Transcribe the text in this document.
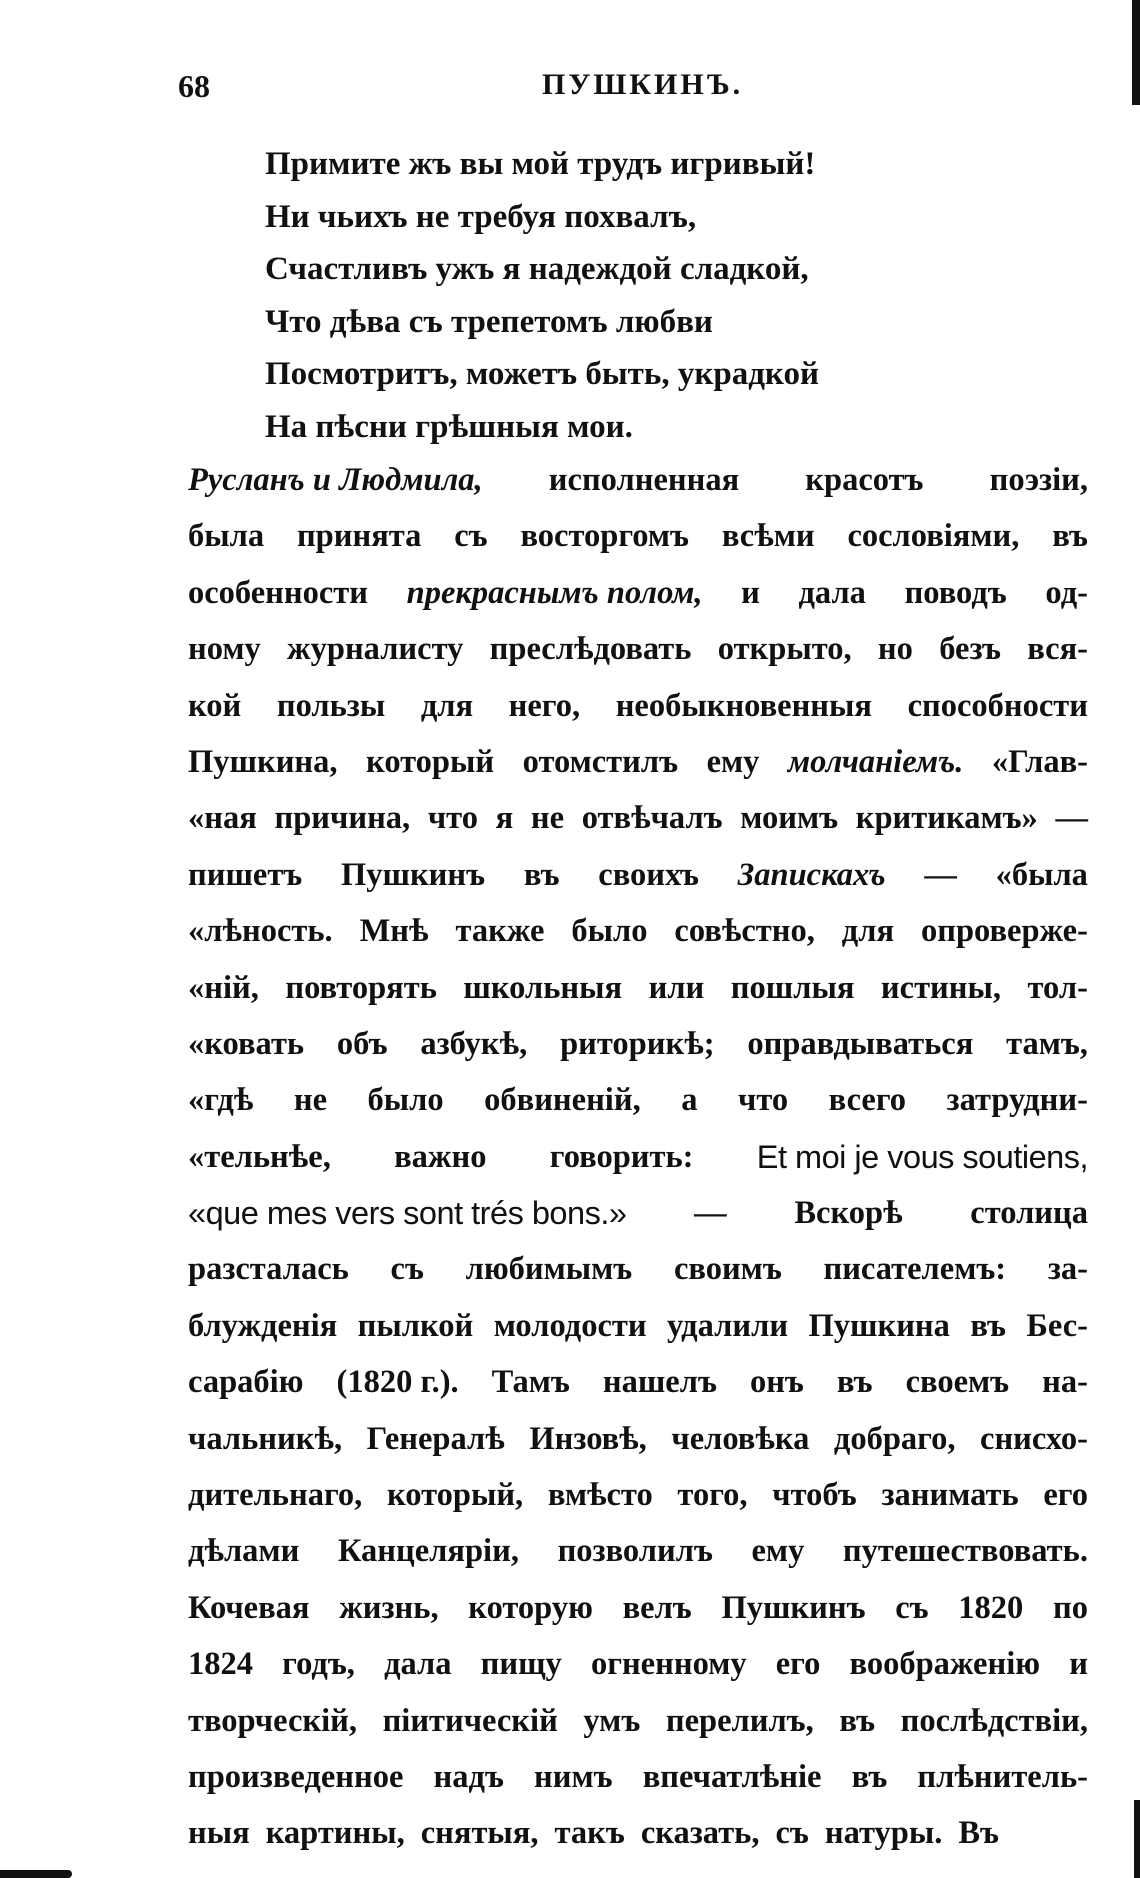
68	ПУШКИНЪ.
Примите жъ вы мой трудъ игривый!
Ни чьихъ не требуя похвалъ,
Счастливъ ужъ я надеждой сладкой,
Что дѣва съ трепетомъ любви
Посмотритъ, можетъ быть, украдкой
На пѣсни грѣшныя мои.
Русланъ и Людмила, исполненная красотъ поэзіи,
была принята съ восторгомъ всѣми сословіями, въ
особенности прекраснымъ полом, и дала поводъ од-
ному журналисту преслѣдовать открыто, но безъ вся-
кой пользы для него, необыкновенныя способности
Пушкина, который отомстилъ ему молчаніемъ. «Глав-
«ная причина, что я не отвѣчалъ моимъ критикамъ» —
пишетъ Пушкинъ въ своихъ Запискахъ — «была
«лѣность. Мнѣ также было совѣстно, для опроверже-
«ній, повторять школьныя или пошлыя истины, тол-
«ковать объ азбукѣ, риторикѣ; оправдываться тамъ,
«гдѣ не было обвиненій, а что всего затрудни-
«тельнѣе, важно говорить: Et moi je vous soutiens,
«que mes vers sont trés bons.» — Вскорѣ столица
разсталась съ любимымъ своимъ писателемъ: за-
блужденія пылкой молодости удалили Пушкина въ Бес-
сарабію (1820 г.). Тамъ нашелъ онъ въ своемъ на-
чальникѣ, Генералѣ Инзовѣ, человѣка добраго, снисхо-
дительнаго, который, вмѣсто того, чтобъ занимать его
дѣлами Канцеляріи, позволилъ ему путешествовать.
Кочевая жизнь, которую велъ Пушкинъ съ 1820 по
1824 годъ, дала пищу огненному его воображенію и
творческій, піитическій умъ перелилъ, въ послѣдствіи,
произведенное надъ нимъ впечатлѣніе въ плѣнитель-
ныя картины, снятыя, такъ сказать, съ натуры. Въ
